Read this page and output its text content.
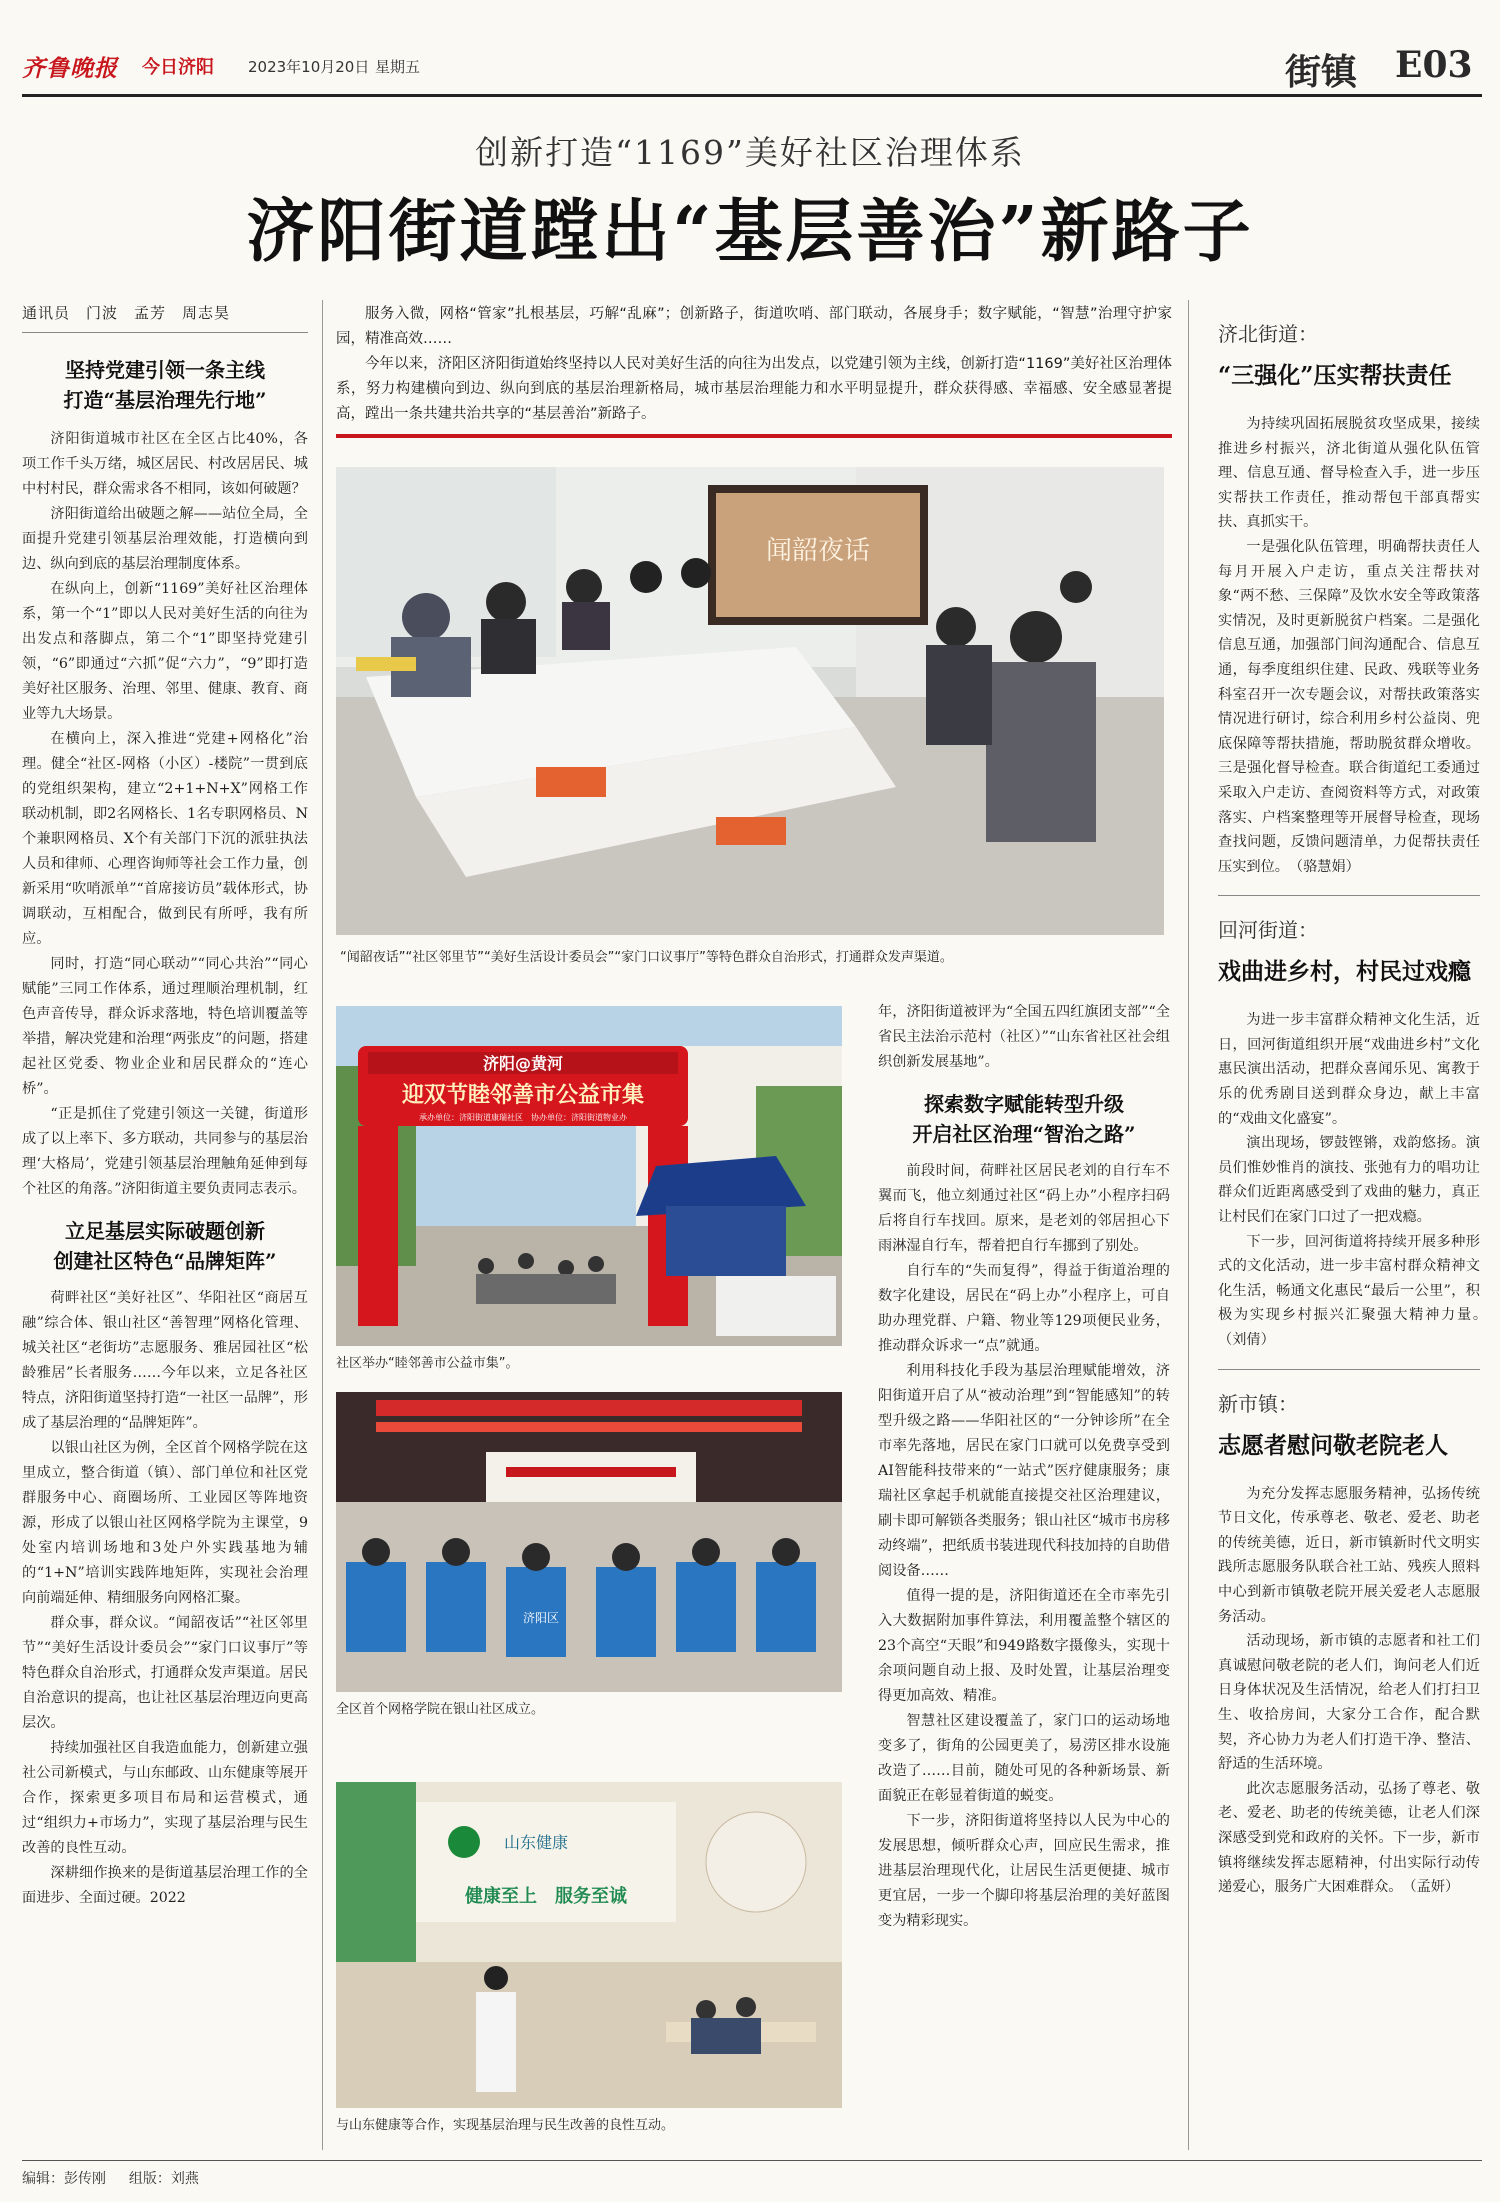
齐鲁晚报 今日济阳 2023年10月20日 星期五	街镇 E03
创新打造“1169”美好社区治理体系
济阳街道蹚出“基层善治”新路子
通讯员　门波　孟芳　周志昊
坚持党建引领一条主线
打造“基层治理先行地”

济阳街道城市社区在全区占比40%，各项工作千头万绪，城区居民、村改居居民、城中村村民，群众需求各不相同，该如何破题？

济阳街道给出破题之解——站位全局，全面提升党建引领基层治理效能，打造横向到边、纵向到底的基层治理制度体系。

在纵向上，创新“1169”美好社区治理体系，第一个“1”即以人民对美好生活的向往为出发点和落脚点，第二个“1”即坚持党建引领，“6”即通过“六抓”促“六力”，“9”即打造美好社区服务、治理、邻里、健康、教育、商业等九大场景。

在横向上，深入推进“党建+网格化”治理。健全“社区-网格（小区）-楼院”一贯到底的党组织架构，建立“2+1+N+X”网格工作联动机制，即2名网格长、1名专职网格员、N个兼职网格员、X个有关部门下沉的派驻执法人员和律师、心理咨询师等社会工作力量，创新采用“吹哨派单”“首席接访员”载体形式，协调联动，互相配合，做到民有所呼，我有所应。

同时，打造“同心联动”“同心共治”“同心赋能”三同工作体系，通过理顺治理机制，红色声音传导，群众诉求落地，特色培训覆盖等举措，解决党建和治理“两张皮”的问题，搭建起社区党委、物业企业和居民群众的“连心桥”。

“正是抓住了党建引领这一关键，街道形成了以上率下、多方联动，共同参与的基层治理‘大格局’，党建引领基层治理触角延伸到每个社区的角落。”济阳街道主要负责同志表示。

立足基层实际破题创新
创建社区特色“品牌矩阵”

荷畔社区“美好社区”、华阳社区“商居互融”综合体、银山社区“善智理”网格化管理、城关社区“老街坊”志愿服务、雅居园社区“松龄雅居”长者服务……今年以来，立足各社区特点，济阳街道坚持打造“一社区一品牌”，形成了基层治理的“品牌矩阵”。

以银山社区为例，全区首个网格学院在这里成立，整合街道（镇）、部门单位和社区党群服务中心、商圈场所、工业园区等阵地资源，形成了以银山社区网格学院为主课堂，9处室内培训场地和3处户外实践基地为辅的“1+N”培训实践阵地矩阵，实现社会治理向前端延伸、精细服务向网格汇聚。

群众事，群众议。“闻韶夜话”“社区邻里节”“美好生活设计委员会”“家门口议事厅”等特色群众自治形式，打通群众发声渠道。居民自治意识的提高，也让社区基层治理迈向更高层次。

持续加强社区自我造血能力，创新建立强社公司新模式，与山东邮政、山东健康等展开合作，探索更多项目布局和运营模式，通过“组织力+市场力”，实现了基层治理与民生改善的良性互动。

深耕细作换来的是街道基层治理工作的全面进步、全面过硬。2022

服务入微，网格“管家”扎根基层，巧解“乱麻”；创新路子，街道吹哨、部门联动，各展身手；数字赋能，“智慧”治理守护家园，精准高效……
今年以来，济阳区济阳街道始终坚持以人民对美好生活的向往为出发点，以党建引领为主线，创新打造“1169”美好社区治理体系，努力构建横向到边、纵向到底的基层治理新格局，城市基层治理能力和水平明显提升，群众获得感、幸福感、安全感显著提高，蹚出一条共建共治共享的“基层善治”新路子。
闻韶夜话
“闻韶夜话”“社区邻里节”“美好生活设计委员会”“家门口议事厅”等特色群众自治形式，打通群众发声渠道。
济阳@黄河
迎双节睦邻善市公益市集
承办单位：济阳街道康瑞社区　协办单位：济阳街道物业办
社区举办“睦邻善市公益市集”。
济阳区
全区首个网格学院在银山社区成立。
山东健康
健康至上　服务至诚
与山东健康等合作，实现基层治理与民生改善的良性互动。

年，济阳街道被评为“全国五四红旗团支部”“全省民主法治示范村（社区）”“山东省社区社会组织创新发展基地”。

探索数字赋能转型升级
开启社区治理“智治之路”

前段时间，荷畔社区居民老刘的自行车不翼而飞，他立刻通过社区“码上办”小程序扫码后将自行车找回。原来，是老刘的邻居担心下雨淋湿自行车，帮着把自行车挪到了别处。

自行车的“失而复得”，得益于街道治理的数字化建设，居民在“码上办”小程序上，可自助办理党群、户籍、物业等129项便民业务，推动群众诉求一“点”就通。

利用科技化手段为基层治理赋能增效，济阳街道开启了从“被动治理”到“智能感知”的转型升级之路——华阳社区的“一分钟诊所”在全市率先落地，居民在家门口就可以免费享受到AI智能科技带来的“一站式”医疗健康服务；康瑞社区拿起手机就能直接提交社区治理建议，刷卡即可解锁各类服务；银山社区“城市书房移动终端”，把纸质书装进现代科技加持的自助借阅设备……

值得一提的是，济阳街道还在全市率先引入大数据附加事件算法，利用覆盖整个辖区的23个高空“天眼”和949路数字摄像头，实现十余项问题自动上报、及时处置，让基层治理变得更加高效、精准。

智慧社区建设覆盖了，家门口的运动场地变多了，街角的公园更美了，易涝区排水设施改造了……目前，随处可见的各种新场景、新面貌正在彰显着街道的蜕变。

下一步，济阳街道将坚持以人民为中心的发展思想，倾听群众心声，回应民生需求，推进基层治理现代化，让居民生活更便捷、城市更宜居，一步一个脚印将基层治理的美好蓝图变为精彩现实。

济北街道：
“三强化”压实帮扶责任

为持续巩固拓展脱贫攻坚成果，接续推进乡村振兴，济北街道从强化队伍管理、信息互通、督导检查入手，进一步压实帮扶工作责任，推动帮包干部真帮实扶、真抓实干。

一是强化队伍管理，明确帮扶责任人每月开展入户走访，重点关注帮扶对象“两不愁、三保障”及饮水安全等政策落实情况，及时更新脱贫户档案。二是强化信息互通，加强部门间沟通配合、信息互通，每季度组织住建、民政、残联等业务科室召开一次专题会议，对帮扶政策落实情况进行研讨，综合利用乡村公益岗、兜底保障等帮扶措施，帮助脱贫群众增收。三是强化督导检查。联合街道纪工委通过采取入户走访、查阅资料等方式，对政策落实、户档案整理等开展督导检查，现场查找问题，反馈问题清单，力促帮扶责任压实到位。　（骆慧娟）

回河街道：
戏曲进乡村，村民过戏瘾

为进一步丰富群众精神文化生活，近日，回河街道组织开展“戏曲进乡村”文化惠民演出活动，把群众喜闻乐见、寓教于乐的优秀剧目送到群众身边，献上丰富的“戏曲文化盛宴”。

演出现场，锣鼓铿锵，戏韵悠扬。演员们惟妙惟肖的演技、张弛有力的唱功让群众们近距离感受到了戏曲的魅力，真正让村民们在家门口过了一把戏瘾。

下一步，回河街道将持续开展多种形式的文化活动，进一步丰富村群众精神文化生活，畅通文化惠民“最后一公里”，积极为实现乡村振兴汇聚强大精神力量。　（刘倩）

新市镇：
志愿者慰问敬老院老人

为充分发挥志愿服务精神，弘扬传统节日文化，传承尊老、敬老、爱老、助老的传统美德，近日，新市镇新时代文明实践所志愿服务队联合社工站、残疾人照料中心到新市镇敬老院开展关爱老人志愿服务活动。

活动现场，新市镇的志愿者和社工们真诚慰问敬老院的老人们，询问老人们近日身体状况及生活情况，给老人们打扫卫生、收拾房间，大家分工合作，配合默契，齐心协力为老人们打造干净、整洁、舒适的生活环境。

此次志愿服务活动，弘扬了尊老、敬老、爱老、助老的传统美德，让老人们深深感受到党和政府的关怀。下一步，新市镇将继续发挥志愿精神，付出实际行动传递爱心，服务广大困难群众。　（孟妍）

编辑：彭传刚 组版：刘燕
